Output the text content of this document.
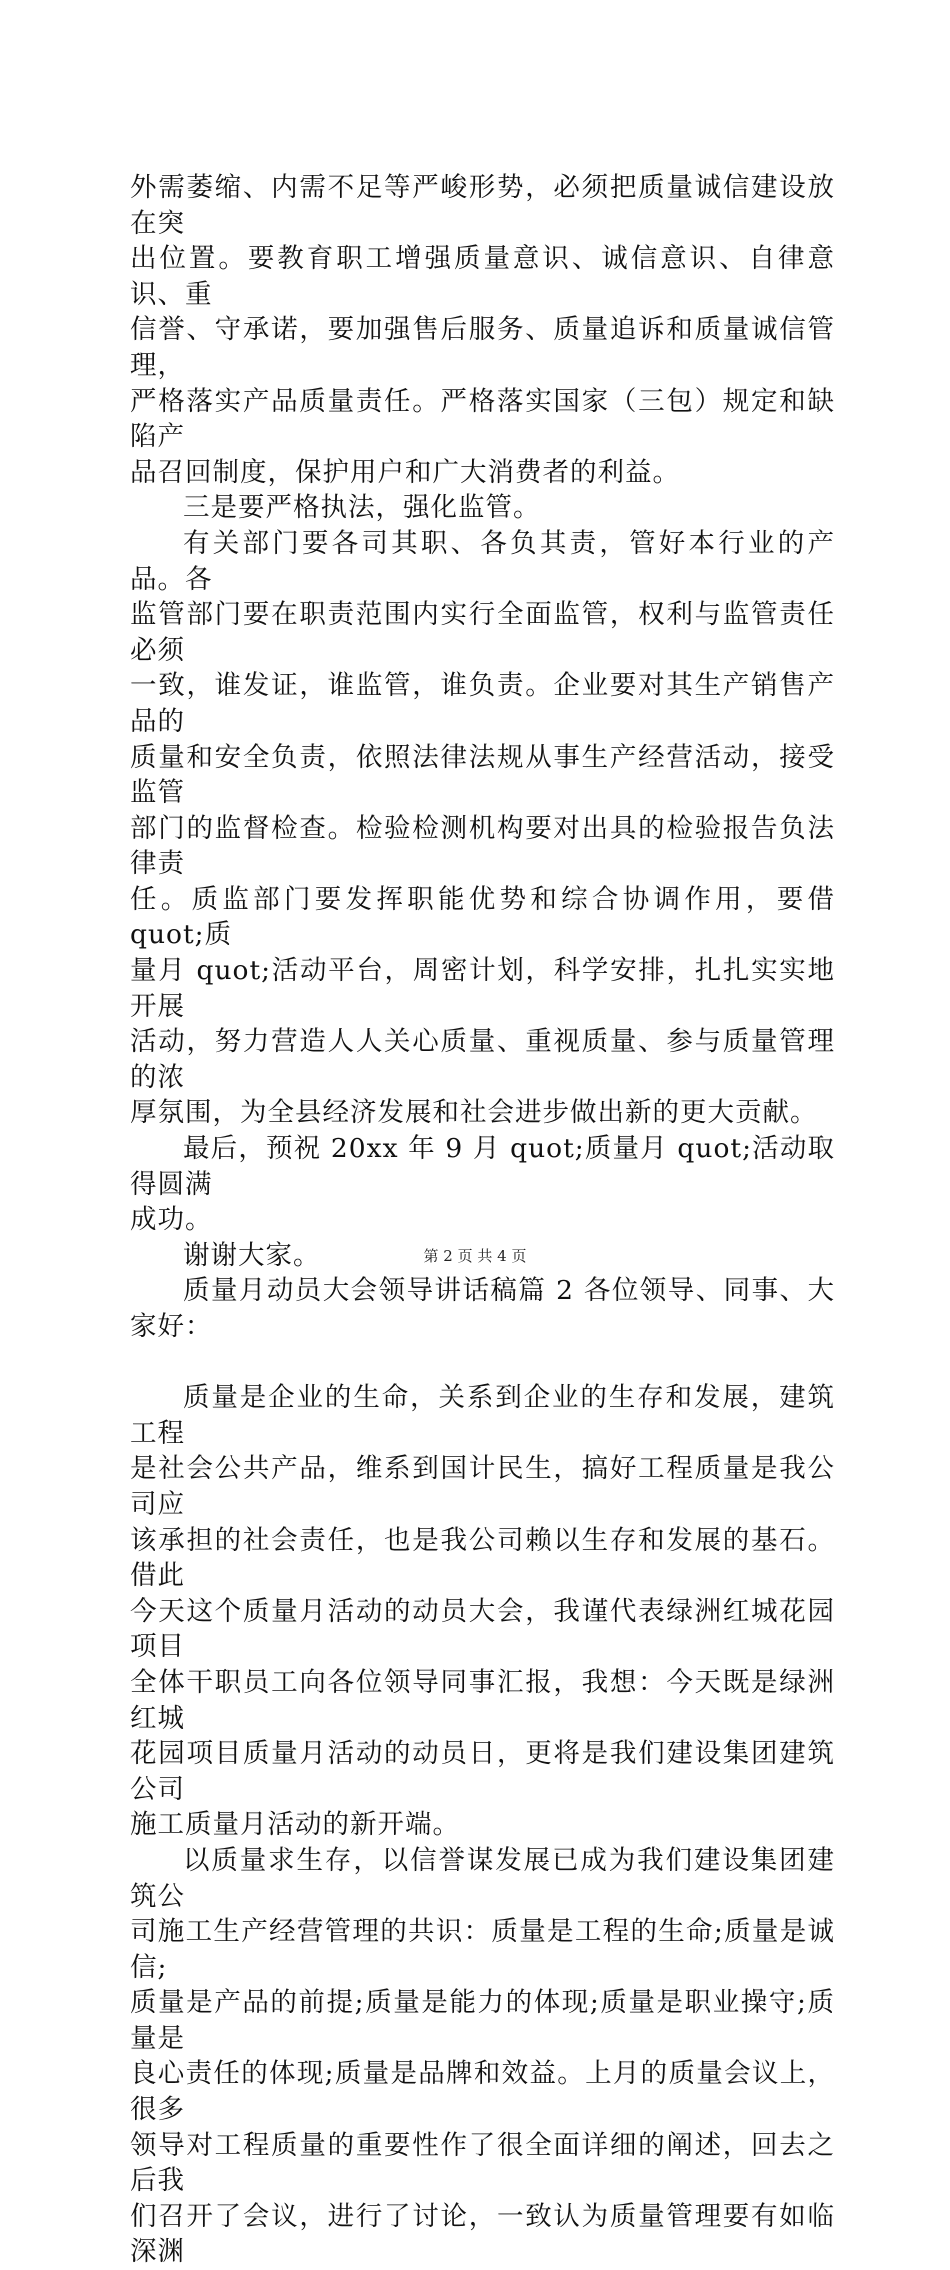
外需萎缩、内需不足等严峻形势，必须把质量诚信建设放在突
出位置。要教育职工增强质量意识、诚信意识、自律意识、重
信誉、守承诺，要加强售后服务、质量追诉和质量诚信管理，
严格落实产品质量责任。严格落实国家（三包）规定和缺陷产
品召回制度，保护用户和广大消费者的利益。

三是要严格执法，强化监管。

有关部门要各司其职、各负其责，管好本行业的产品。各
监管部门要在职责范围内实行全面监管，权利与监管责任必须
一致，谁发证，谁监管，谁负责。企业要对其生产销售产品的
质量和安全负责，依照法律法规从事生产经营活动，接受监管
部门的监督检查。检验检测机构要对出具的检验报告负法律责
任。质监部门要发挥职能优势和综合协调作用，要借 quot;质
量月 quot;活动平台，周密计划，科学安排，扎扎实实地开展
活动，努力营造人人关心质量、重视质量、参与质量管理的浓
厚氛围，为全县经济发展和社会进步做出新的更大贡献。

最后，预祝 20xx 年 9 月 quot;质量月 quot;活动取得圆满
成功。

谢谢大家。

质量月动员大会领导讲话稿篇 2 各位领导、同事、大家好：

质量是企业的生命，关系到企业的生存和发展，建筑工程
是社会公共产品，维系到国计民生，搞好工程质量是我公司应
该承担的社会责任，也是我公司赖以生存和发展的基石。借此
今天这个质量月活动的动员大会，我谨代表绿洲红城花园项目
全体干职员工向各位领导同事汇报，我想：今天既是绿洲红城
花园项目质量月活动的动员日，更将是我们建设集团建筑公司
施工质量月活动的新开端。

以质量求生存，以信誉谋发展已成为我们建设集团建筑公
司施工生产经营管理的共识：质量是工程的生命;质量是诚信;
质量是产品的前提;质量是能力的体现;质量是职业操守;质量是
良心责任的体现;质量是品牌和效益。上月的质量会议上，很多
领导对工程质量的重要性作了很全面详细的阐述，回去之后我
们召开了会议，进行了讨论，一致认为质量管理要有如临深渊

第 2 页 共 4 页
